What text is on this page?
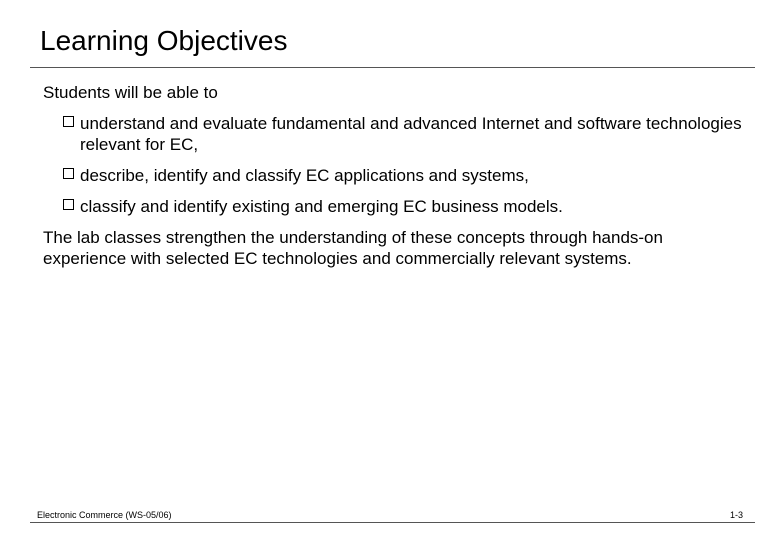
Learning Objectives

Students will be able to

understand and evaluate fundamental and advanced Internet and software technologies relevant for EC,
describe, identify and classify EC applications and systems,
classify and identify existing and emerging EC business models.

The lab classes strengthen the understanding of these concepts through hands-on experience with selected EC technologies and commercially relevant systems.

Electronic Commerce (WS-05/06)	1-3
